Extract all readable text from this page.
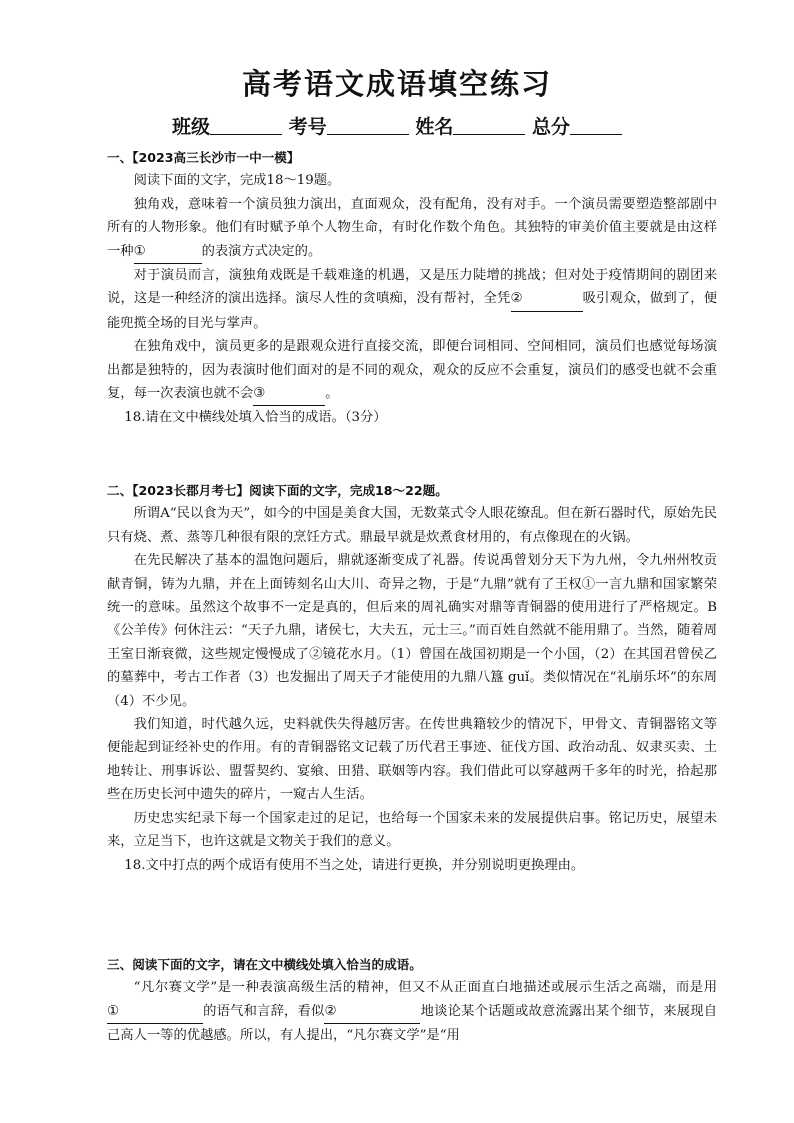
高考语文成语填空练习
班级	考号	姓名	总分

一、【2023高三长沙市一中一模】

阅读下面的文字，完成18～19题。

独角戏，意味着一个演员独力演出，直面观众，没有配角，没有对手。一个演员需要塑造整部剧中所有的人物形象。他们有时赋予单个人物生命，有时化作数个角色。其独特的审美价值主要就是由这样一种①	的表演方式决定的。

对于演员而言，演独角戏既是千载难逢的机遇，又是压力陡增的挑战；但对处于疫情期间的剧团来说，这是一种经济的演出选择。演尽人性的贪嗔痴，没有帮衬，全凭②	吸引观众，做到了，便能兜揽全场的目光与掌声。

在独角戏中，演员更多的是跟观众进行直接交流，即便台词相同、空间相同，演员们也感觉每场演出都是独特的，因为表演时他们面对的是不同的观众，观众的反应不会重复，演员们的感受也就不会重复，每一次表演也就不会③	。

18.请在文中横线处填入恰当的成语。（3分）

二、【2023长郡月考七】阅读下面的文字，完成18～22题。

所谓A“民以食为天”，如今的中国是美食大国，无数菜式令人眼花缭乱。但在新石器时代，原始先民只有烧、煮、蒸等几种很有限的烹饪方式。鼎最早就是炊煮食材用的，有点像现在的火锅。

在先民解决了基本的温饱问题后，鼎就逐渐变成了礼器。传说禹曾划分天下为九州，令九州州牧贡献青铜，铸为九鼎，并在上面铸刻名山大川、奇异之物，于是“九鼎”就有了王权①一言九鼎和国家繁荣统一的意味。虽然这个故事不一定是真的，但后来的周礼确实对鼎等青铜器的使用进行了严格规定。B《公羊传》何休注云：“天子九鼎，诸侯七，大夫五，元士三。”而百姓自然就不能用鼎了。当然，随着周王室日渐衰微，这些规定慢慢成了②镜花水月。（1）曾国在战国初期是一个小国，（2）在其国君曾侯乙的墓葬中，考古工作者（3）也发掘出了周天子才能使用的九鼎八簋 guǐ。类似情况在“礼崩乐坏”的东周（4）不少见。

我们知道，时代越久远，史料就佚失得越厉害。在传世典籍较少的情况下，甲骨文、青铜器铭文等便能起到证经补史的作用。有的青铜器铭文记载了历代君王事迹、征伐方国、政治动乱、奴隶买卖、土地转让、刑事诉讼、盟誓契约、宴飨、田猎、联姻等内容。我们借此可以穿越两千多年的时光，拾起那些在历史长河中遗失的碎片，一窥古人生活。

历史忠实纪录下每一个国家走过的足记，也给每一个国家未来的发展提供启事。铭记历史，展望未来，立足当下，也许这就是文物关于我们的意义。

18.文中打点的两个成语有使用不当之处，请进行更换，并分别说明更换理由。

三、阅读下面的文字，请在文中横线处填入恰当的成语。

“凡尔赛文学”是一种表演高级生活的精神，但又不从正面直白地描述或展示生活之高端，而是用①	的语气和言辞，看似②	地谈论某个话题或故意流露出某个细节，来展现自己高人一等的优越感。所以，有人提出，“凡尔赛文学”是“用
